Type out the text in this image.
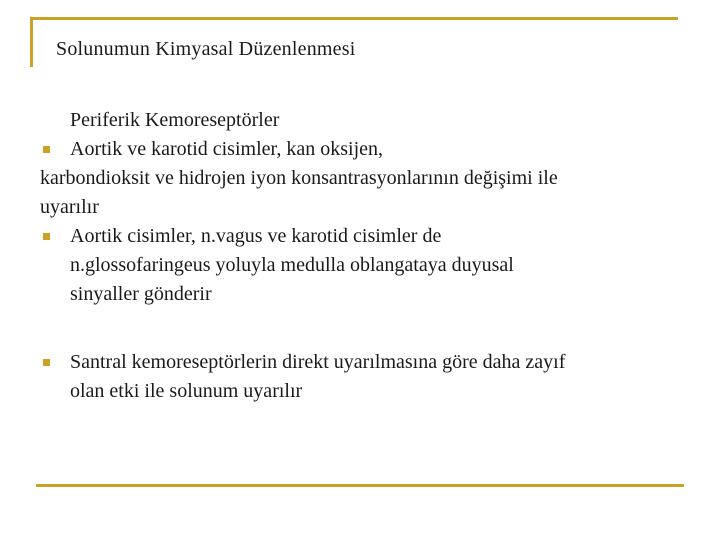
Solunumun Kimyasal Düzenlenmesi
Periferik Kemoreseptörler
Aortik ve karotid cisimler, kan oksijen,
karbondioksit ve hidrojen iyon konsantrasyonlarının değişimi ile
uyarılır
Aortik cisimler, n.vagus ve karotid cisimler de
n.glossofaringeus yoluyla medulla oblangataya duyusal
sinyaller gönderir
Santral kemoreseptörlerin direkt uyarılmasına göre daha zayıf
olan etki ile solunum uyarılır
